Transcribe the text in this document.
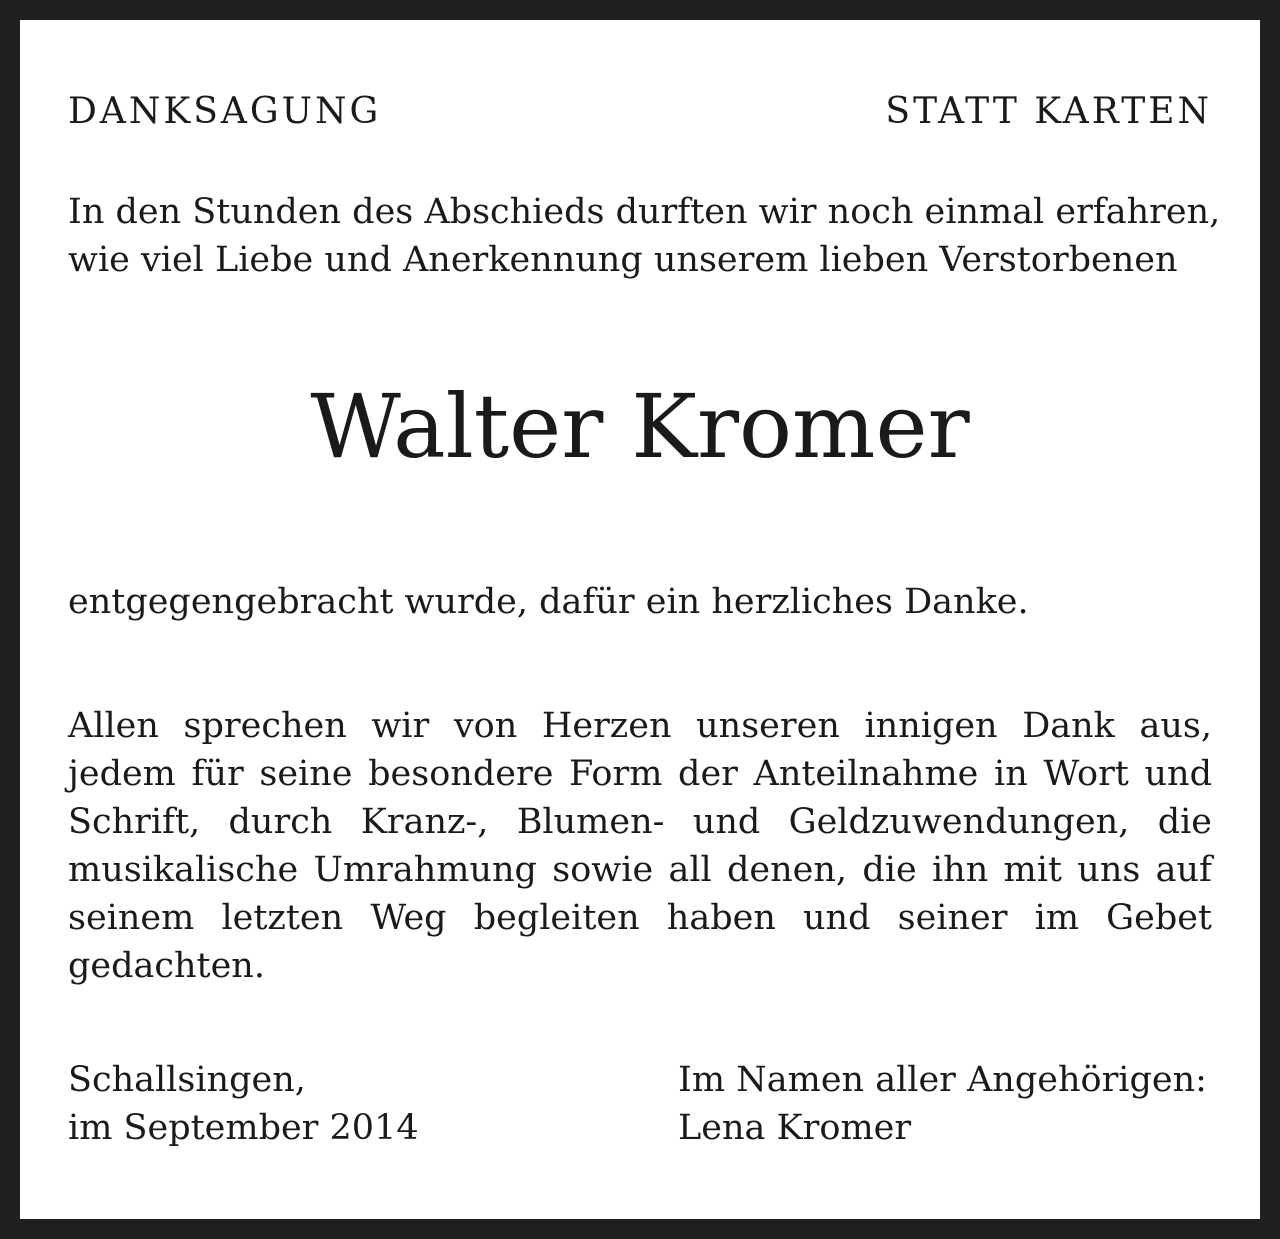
DANKSAGUNG	STATT KARTEN
In den Stunden des Abschieds durften wir noch einmal erfahren,
wie viel Liebe und Anerkennung unserem lieben Verstorbenen
Walter Kromer
entgegengebracht wurde, dafür ein herzliches Danke.
Allen sprechen wir von Herzen unseren innigen Dank aus, jedem für seine besondere Form der Anteilnahme in Wort und Schrift, durch Kranz-, Blumen- und Geldzuwendungen, die musikalische Umrahmung sowie all denen, die ihn mit uns auf seinem letzten Weg begleiten haben und seiner im Gebet gedachten.
Schallsingen,
im September 2014
Im Namen aller Angehörigen:
Lena Kromer
